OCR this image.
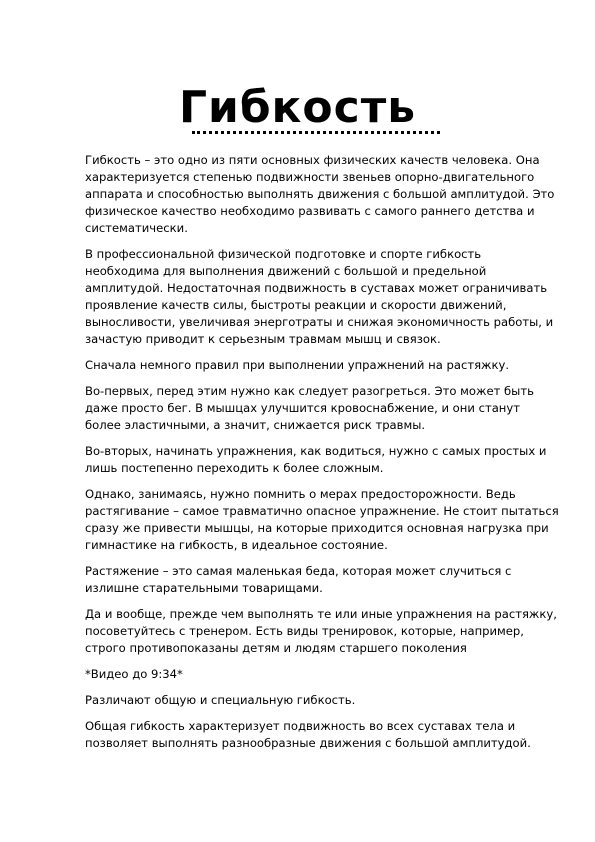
Гибкость

Гибкость – это одно из пяти основных физических качеств человека. Она характеризуется степенью подвижности звеньев опорно-двигательного аппарата и способностью выполнять движения с большой амплитудой. Это физическое качество необходимо развивать с самого раннего детства и систематически.

В профессиональной физической подготовке и спорте гибкость необходима для выполнения движений с большой и предельной амплитудой. Недостаточная подвижность в суставах может ограничивать проявление качеств силы, быстроты реакции и скорости движений, выносливости, увеличивая энерготраты и снижая экономичность работы, и зачастую приводит к серьезным травмам мышц и связок.

Сначала немного правил при выполнении упражнений на растяжку.

Во-первых, перед этим нужно как следует разогреться. Это может быть даже просто бег. В мышцах улучшится кровоснабжение, и они станут более эластичными, а значит, снижается риск травмы.

Во-вторых, начинать упражнения, как водиться, нужно с самых простых и лишь постепенно переходить к более сложным.

Однако, занимаясь, нужно помнить о мерах предосторожности. Ведь растягивание – самое травматично опасное упражнение. Не стоит пытаться сразу же привести мышцы, на которые приходится основная нагрузка при гимнастике на гибкость, в идеальное состояние.

Растяжение – это самая маленькая беда, которая может случиться с излишне старательными товарищами.

Да и вообще, прежде чем выполнять те или иные упражнения на растяжку, посоветуйтесь с тренером. Есть виды тренировок, которые, например, строго противопоказаны детям и людям старшего поколения

*Видео до 9:34*

Различают общую и специальную гибкость.

Общая гибкость характеризует подвижность во всех суставах тела и позволяет выполнять разнообразные движения с большой амплитудой.
